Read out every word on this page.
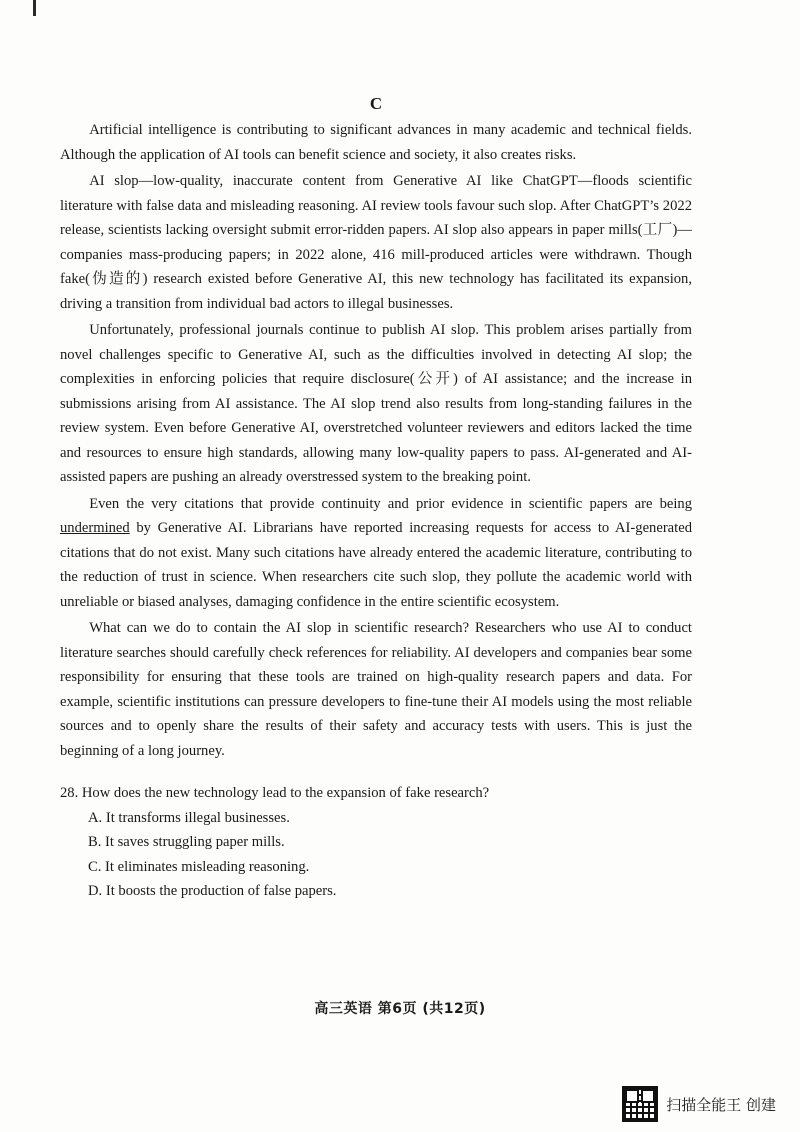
C

Artificial intelligence is contributing to significant advances in many academic and technical fields. Although the application of AI tools can benefit science and society, it also creates risks.

AI slop—low-quality, inaccurate content from Generative AI like ChatGPT—floods scientific literature with false data and misleading reasoning. AI review tools favour such slop. After ChatGPT’s 2022 release, scientists lacking oversight submit error-ridden papers. AI slop also appears in paper mills(工厂)—companies mass-producing papers; in 2022 alone, 416 mill-produced articles were withdrawn. Though fake(伪造的) research existed before Generative AI, this new technology has facilitated its expansion, driving a transition from individual bad actors to illegal businesses.

Unfortunately, professional journals continue to publish AI slop. This problem arises partially from novel challenges specific to Generative AI, such as the difficulties involved in detecting AI slop; the complexities in enforcing policies that require disclosure(公开) of AI assistance; and the increase in submissions arising from AI assistance. The AI slop trend also results from long-standing failures in the review system. Even before Generative AI, overstretched volunteer reviewers and editors lacked the time and resources to ensure high standards, allowing many low-quality papers to pass. AI-generated and AI-assisted papers are pushing an already overstressed system to the breaking point.

Even the very citations that provide continuity and prior evidence in scientific papers are being undermined by Generative AI. Librarians have reported increasing requests for access to AI-generated citations that do not exist. Many such citations have already entered the academic literature, contributing to the reduction of trust in science. When researchers cite such slop, they pollute the academic world with unreliable or biased analyses, damaging confidence in the entire scientific ecosystem.

What can we do to contain the AI slop in scientific research? Researchers who use AI to conduct literature searches should carefully check references for reliability. AI developers and companies bear some responsibility for ensuring that these tools are trained on high-quality research papers and data. For example, scientific institutions can pressure developers to fine-tune their AI models using the most reliable sources and to openly share the results of their safety and accuracy tests with users. This is just the beginning of a long journey.

28. How does the new technology lead to the expansion of fake research?

A. It transforms illegal businesses.
B. It saves struggling paper mills.
C. It eliminates misleading reasoning.
D. It boosts the production of false papers.
高三英语 第6页 (共12页)
扫描全能王 创建
